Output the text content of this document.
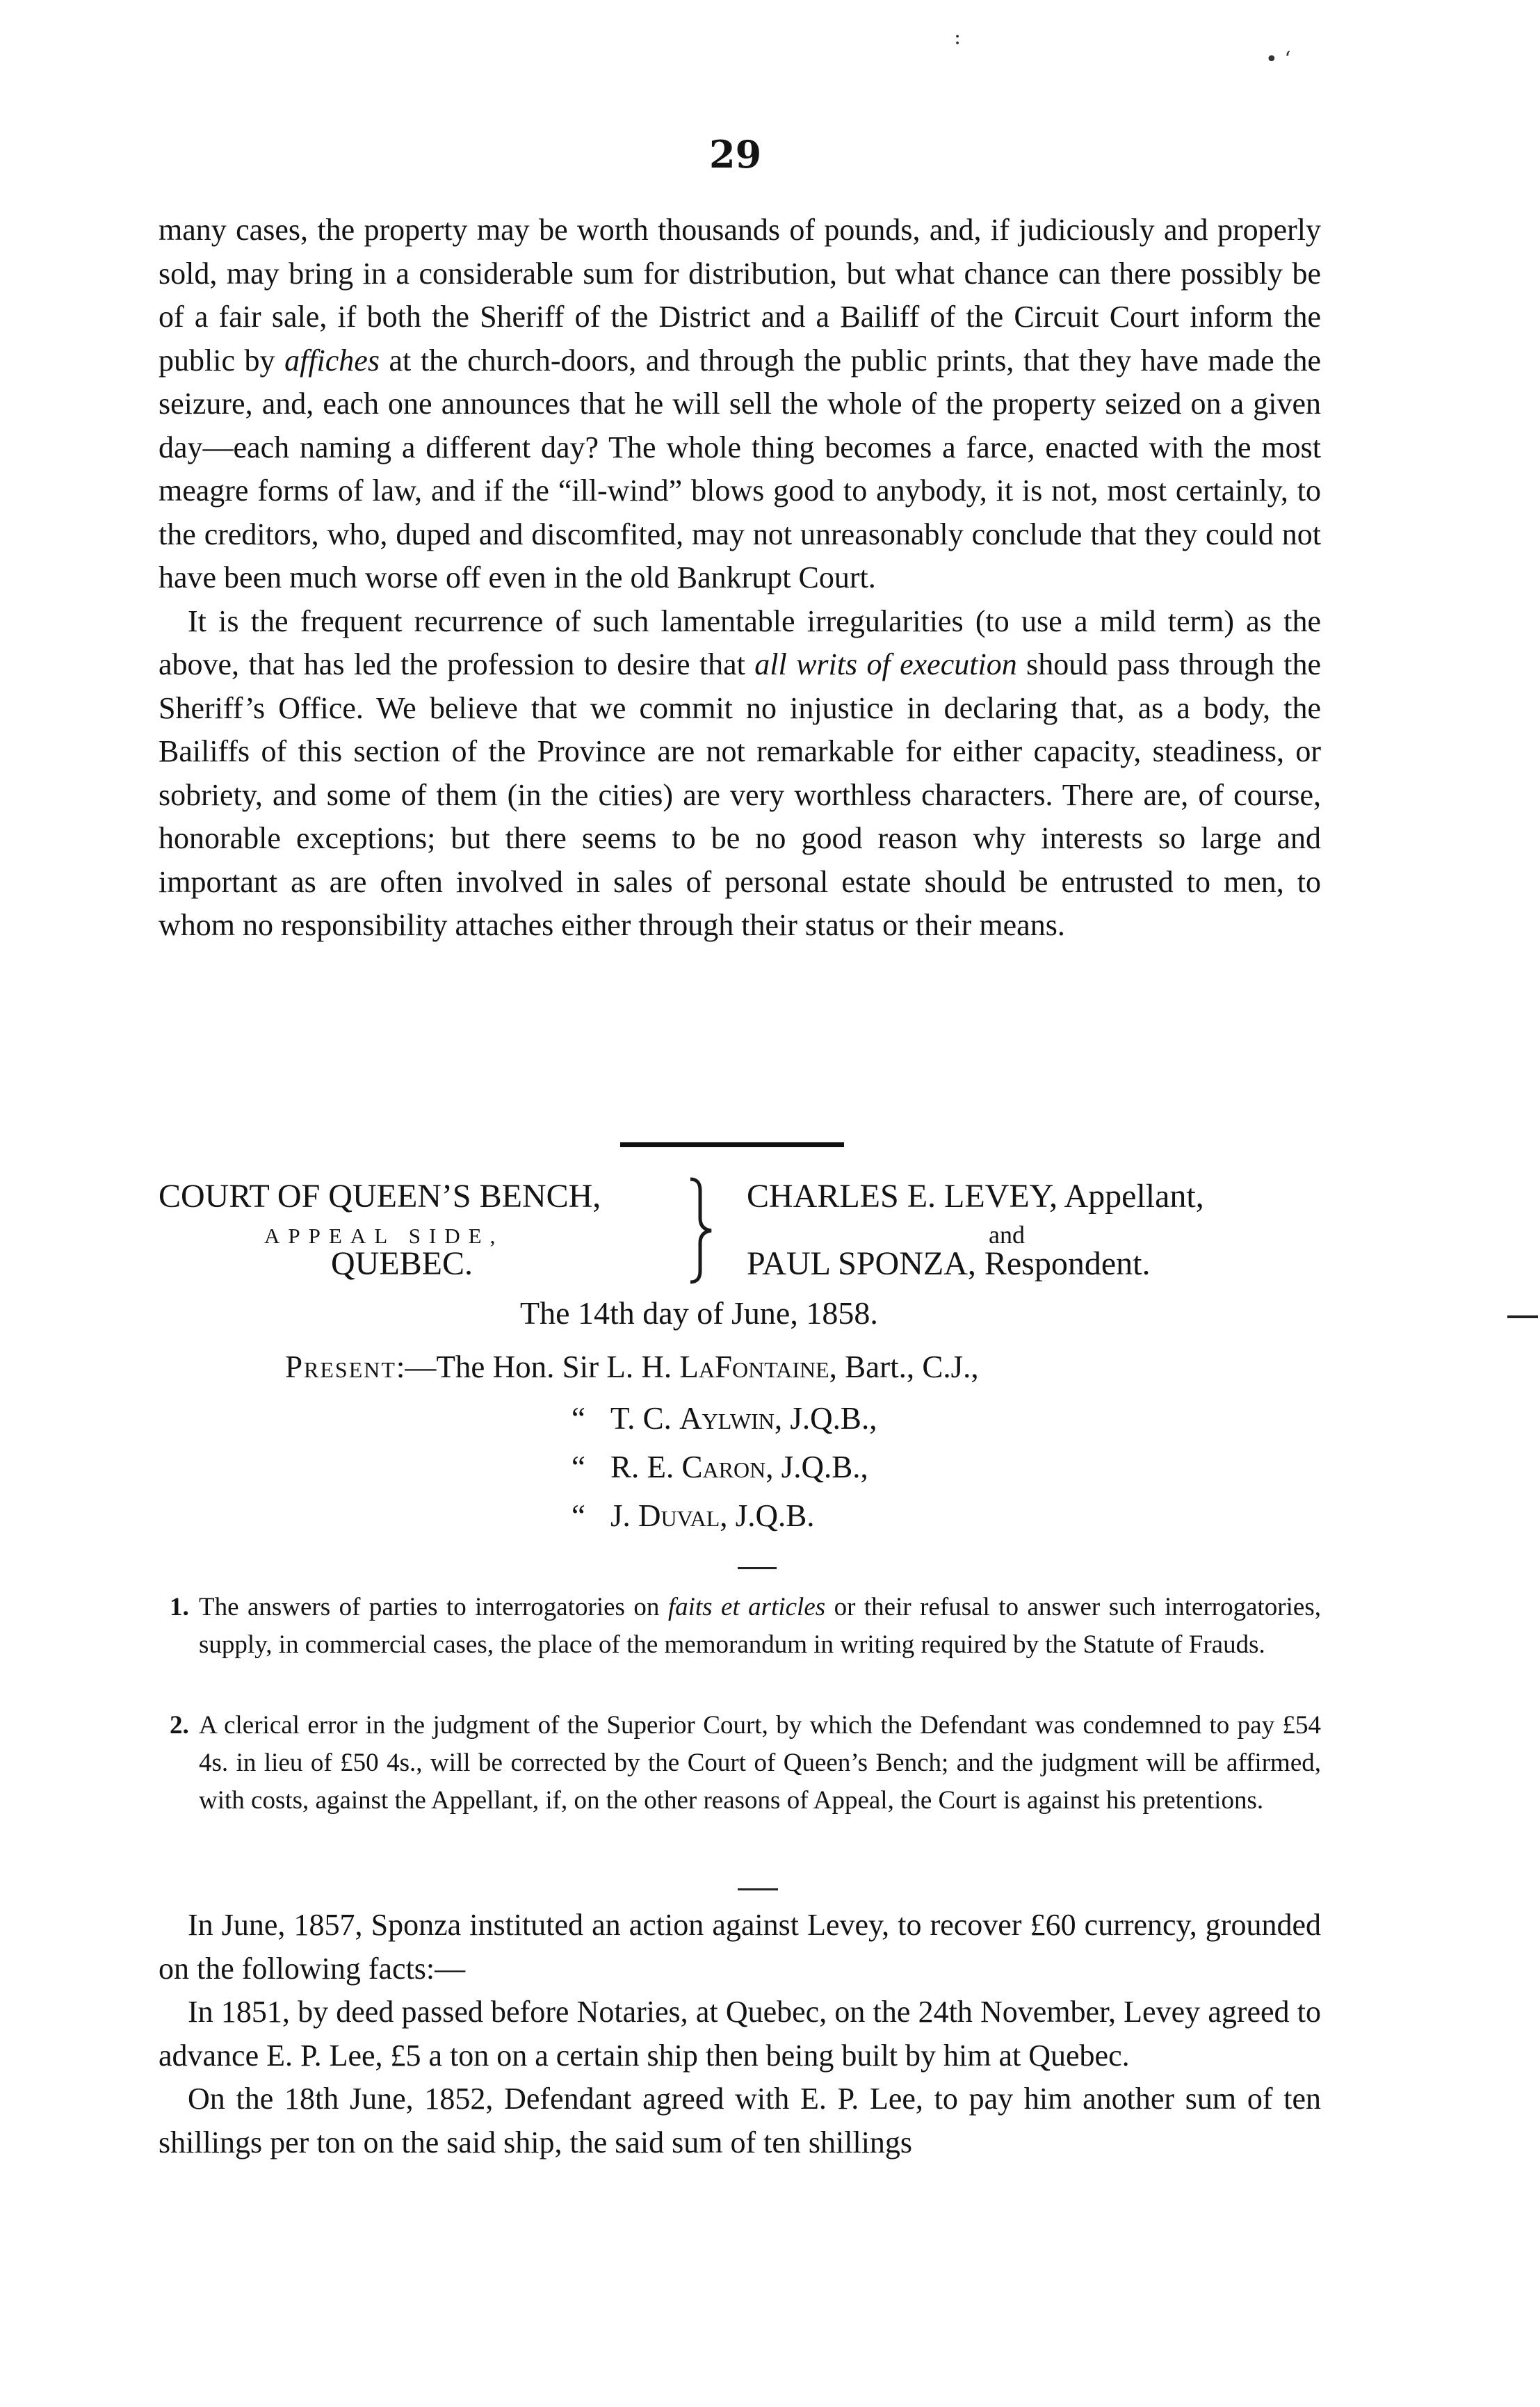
:
• ‘
29

many cases, the property may be worth thousands of pounds, and, if judiciously and properly sold, may bring in a considerable sum for distribution, but what chance can there possibly be of a fair sale, if both the Sheriff of the District and a Bailiff of the Circuit Court inform the public by affiches at the church-doors, and through the public prints, that they have made the seizure, and, each one announces that he will sell the whole of the property seized on a given day—each naming a different day? The whole thing becomes a farce, enacted with the most meagre forms of law, and if the “ill-wind” blows good to anybody, it is not, most certainly, to the creditors, who, duped and discomfited, may not unreasonably conclude that they could not have been much worse off even in the old Bankrupt Court.

It is the frequent recurrence of such lamentable irregularities (to use a mild term) as the above, that has led the profession to desire that all writs of execution should pass through the Sheriff’s Office. We believe that we commit no injustice in declaring that, as a body, the Bailiffs of this section of the Province are not remarkable for either capacity, steadiness, or sobriety, and some of them (in the cities) are very worthless characters. There are, of course, honorable exceptions; but there seems to be no good reason why interests so large and important as are often involved in sales of personal estate should be entrusted to men, to whom no responsibility attaches either through their status or their means.

COURT OF QUEEN’S BENCH,
APPEAL SIDE,
QUEBEC.
CHARLES E. LEVEY, Appellant,
and
PAUL SPONZA, Respondent.
The 14th day of June, 1858.
Present:—The Hon. Sir L. H. LaFontaine, Bart., C.J.,
“ T. C. Aylwin, J.Q.B.,
“ R. E. Caron, J.Q.B.,
“ J. Duval, J.Q.B.
1. The answers of parties to interrogatories on faits et articles or their refusal to answer such interrogatories, supply, in commercial cases, the place of the memorandum in writing required by the Statute of Frauds.
2. A clerical error in the judgment of the Superior Court, by which the Defendant was condemned to pay £54 4s. in lieu of £50 4s., will be corrected by the Court of Queen’s Bench; and the judgment will be affirmed, with costs, against the Appellant, if, on the other reasons of Appeal, the Court is against his pretentions.

In June, 1857, Sponza instituted an action against Levey, to recover £60 currency, grounded on the following facts:—

In 1851, by deed passed before Notaries, at Quebec, on the 24th November, Levey agreed to advance E. P. Lee, £5 a ton on a certain ship then being built by him at Quebec.

On the 18th June, 1852, Defendant agreed with E. P. Lee, to pay him another sum of ten shillings per ton on the said ship, the said sum of ten shillings
